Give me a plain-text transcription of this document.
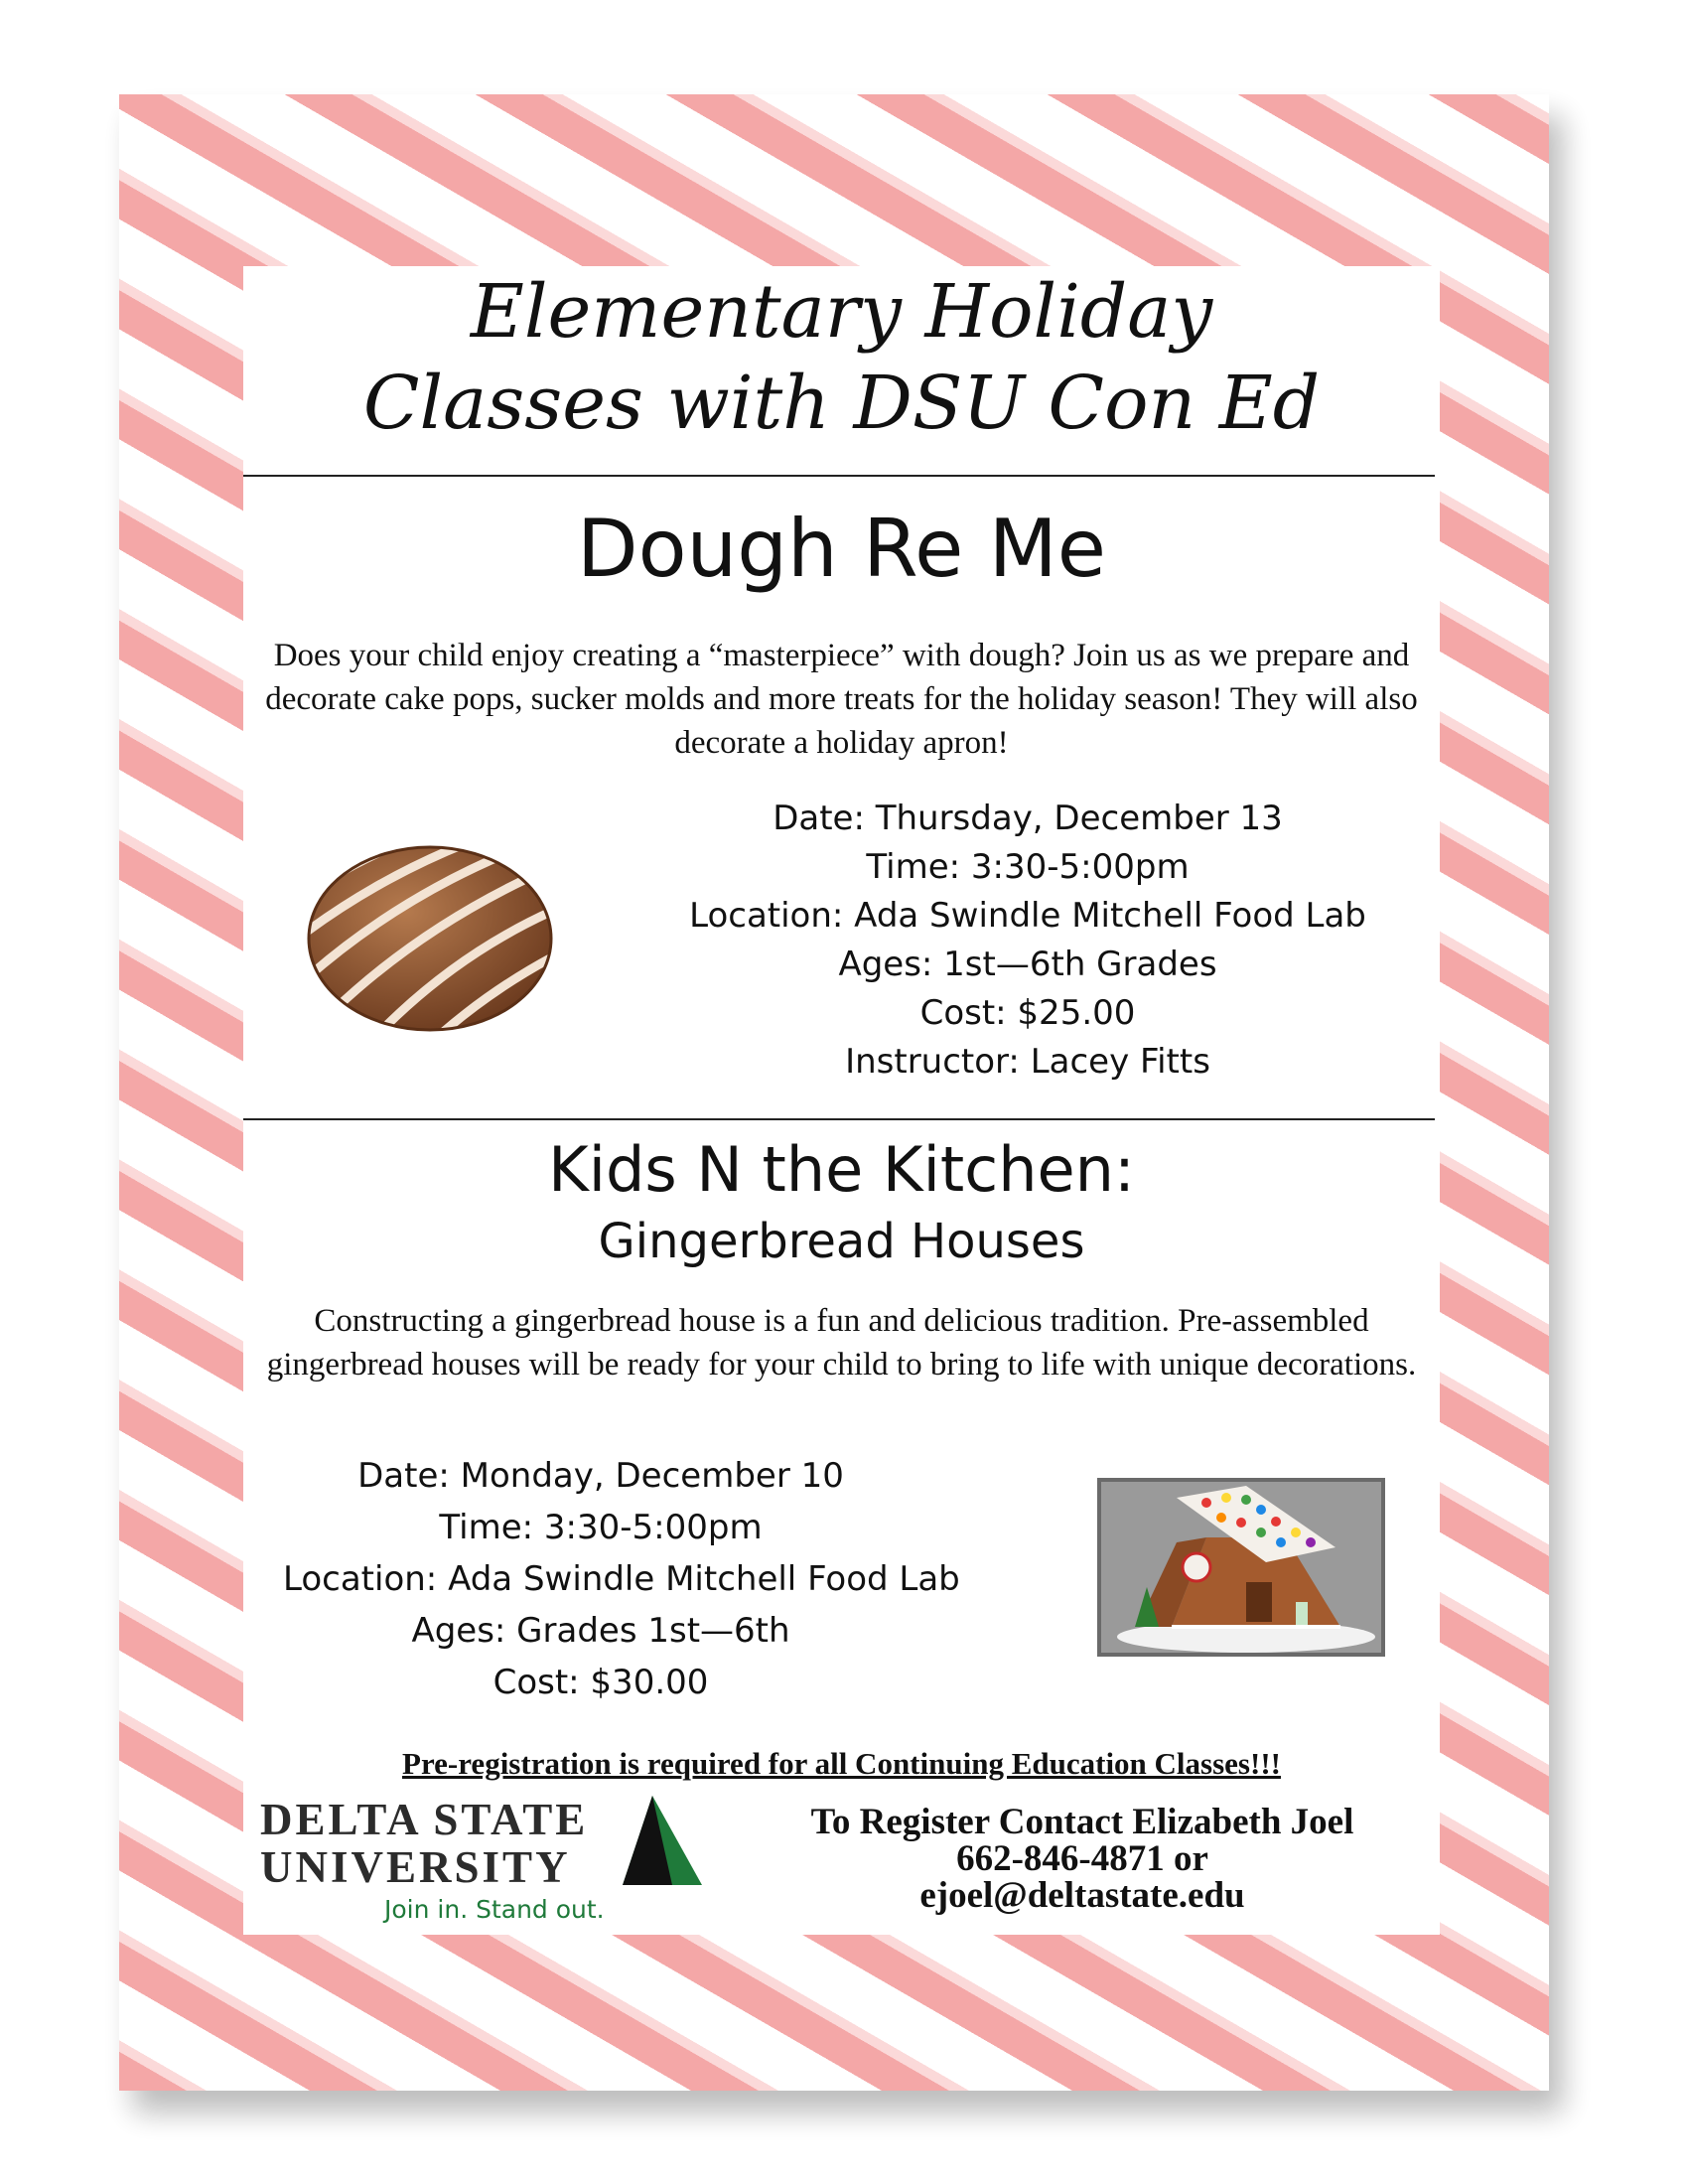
Elementary Holiday
Classes with DSU Con Ed
Dough Re Me

Does your child enjoy creating a “masterpiece” with dough? Join us as we prepare and decorate cake pops, sucker molds and more treats for the holiday season! They will also decorate a holiday apron!

Date: Thursday, December 13
Time: 3:30-5:00pm
Location: Ada Swindle Mitchell Food Lab
Ages: 1st—6th Grades
Cost: $25.00
Instructor: Lacey Fitts
Kids N the Kitchen:
Gingerbread Houses

Constructing a gingerbread house is a fun and delicious tradition. Pre-assembled gingerbread houses will be ready for your child to bring to life with unique decorations.

Date: Monday, December 10
Time: 3:30-5:00pm
Location: Ada Swindle Mitchell Food Lab
Ages: Grades 1st—6th
Cost: $30.00
Pre-registration is required for all Continuing Education Classes!!!
DELTA STATE
UNIVERSITY
Join in. Stand out.
To Register Contact Elizabeth Joel
662-846-4871 or
ejoel@deltastate.edu
